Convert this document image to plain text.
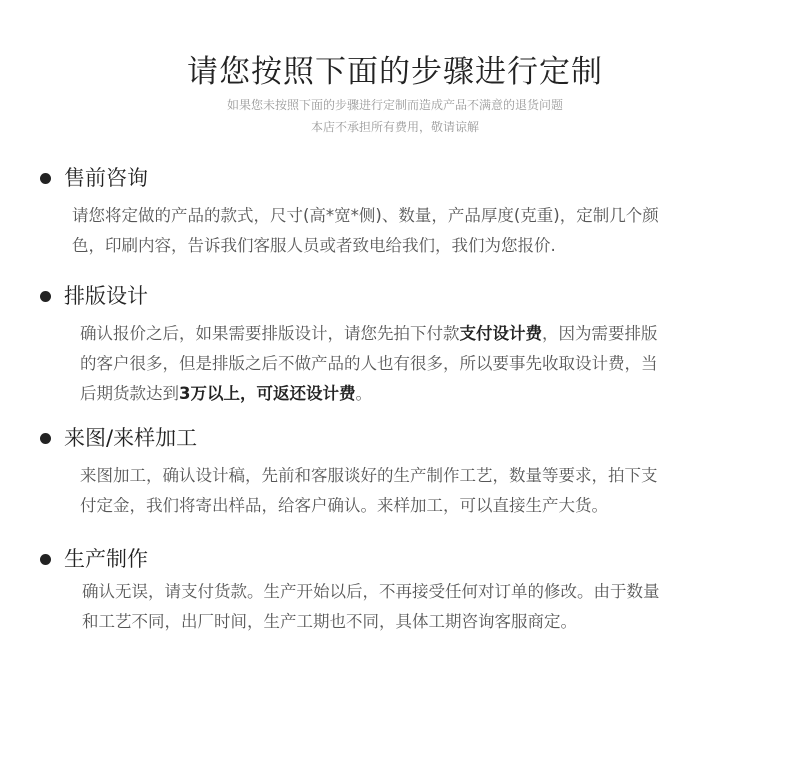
请您按照下面的步骤进行定制
如果您未按照下面的步骤进行定制而造成产品不满意的退货问题
本店不承担所有费用，敬请谅解
售前咨询
请您将定做的产品的款式，尺寸(高*宽*侧)、数量，产品厚度(克重)，定制几个颜
色，印刷内容，告诉我们客服人员或者致电给我们，我们为您报价.
排版设计
确认报价之后，如果需要排版设计，请您先拍下付款支付设计费，因为需要排版
的客户很多，但是排版之后不做产品的人也有很多，所以要事先收取设计费，当
后期货款达到3万以上，可返还设计费。
来图/来样加工
来图加工，确认设计稿，先前和客服谈好的生产制作工艺，数量等要求，拍下支
付定金，我们将寄出样品，给客户确认。来样加工，可以直接生产大货。
生产制作
确认无误，请支付货款。生产开始以后，不再接受任何对订单的修改。由于数量
和工艺不同，出厂时间，生产工期也不同，具体工期咨询客服商定。
